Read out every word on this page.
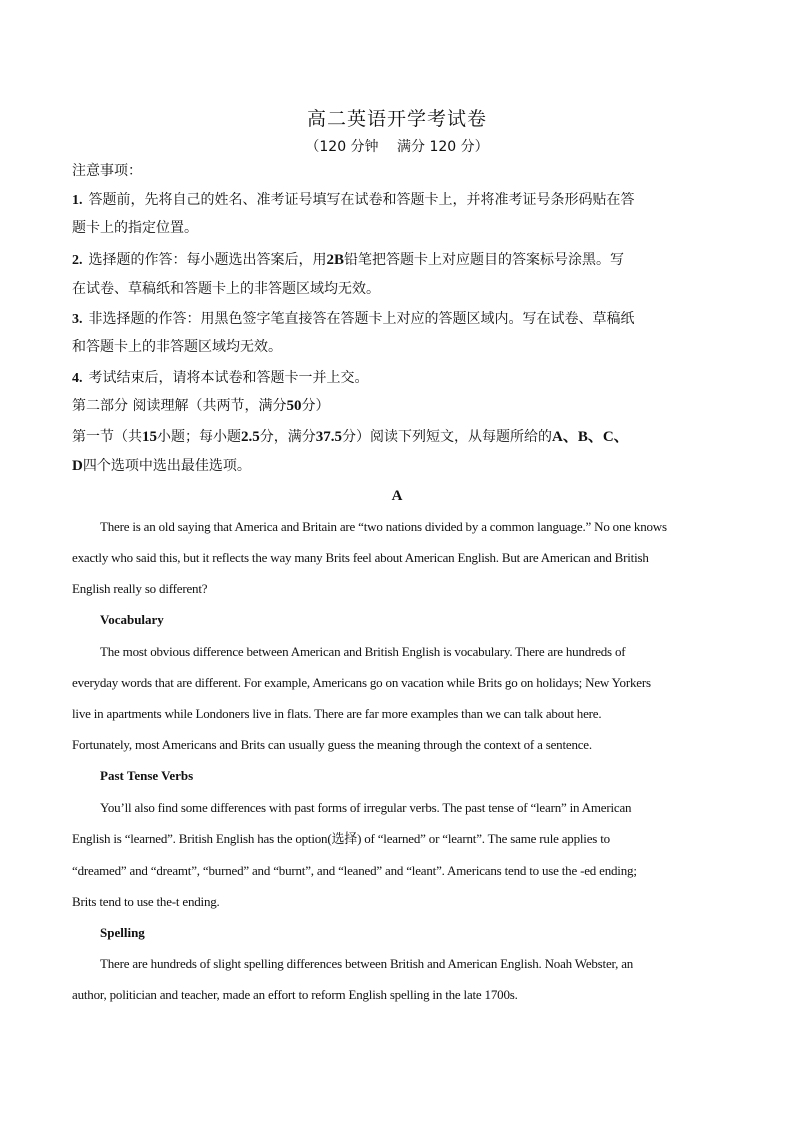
高二英语开学考试卷
（120 分钟　 满分 120 分）
注意事项：
1. 答题前，先将自己的姓名、准考证号填写在试卷和答题卡上，并将准考证号条形码贴在答
题卡上的指定位置。
2. 选择题的作答：每小题选出答案后，用2B铅笔把答题卡上对应题目的答案标号涂黑。写
在试卷、草稿纸和答题卡上的非答题区域均无效。
3. 非选择题的作答：用黑色签字笔直接答在答题卡上对应的答题区域内。写在试卷、草稿纸
和答题卡上的非答题区域均无效。
4. 考试结束后，请将本试卷和答题卡一并上交。
第二部分 阅读理解（共两节，满分50分）
第一节（共15小题；每小题2.5分，满分37.5分）阅读下列短文，从每题所给的A、B、C、
D四个选项中选出最佳选项。
A
There is an old saying that America and Britain are “two nations divided by a common language.” No one knows
exactly who said this, but it reflects the way many Brits feel about American English. But are American and British
English really so different?
Vocabulary
The most obvious difference between American and British English is vocabulary. There are hundreds of
everyday words that are different. For example, Americans go on vacation while Brits go on holidays; New Yorkers
live in apartments while Londoners live in flats. There are far more examples than we can talk about here.
Fortunately, most Americans and Brits can usually guess the meaning through the context of a sentence.
Past Tense Verbs
You’ll also find some differences with past forms of irregular verbs. The past tense of “learn” in American
English is “learned”. British English has the option(选择) of “learned” or “learnt”. The same rule applies to
“dreamed” and “dreamt”, “burned” and “burnt”, and “leaned” and “leant”. Americans tend to use the -ed ending;
Brits tend to use the-t ending.
Spelling
There are hundreds of slight spelling differences between British and American English. Noah Webster, an
author, politician and teacher, made an effort to reform English spelling in the late 1700s.
